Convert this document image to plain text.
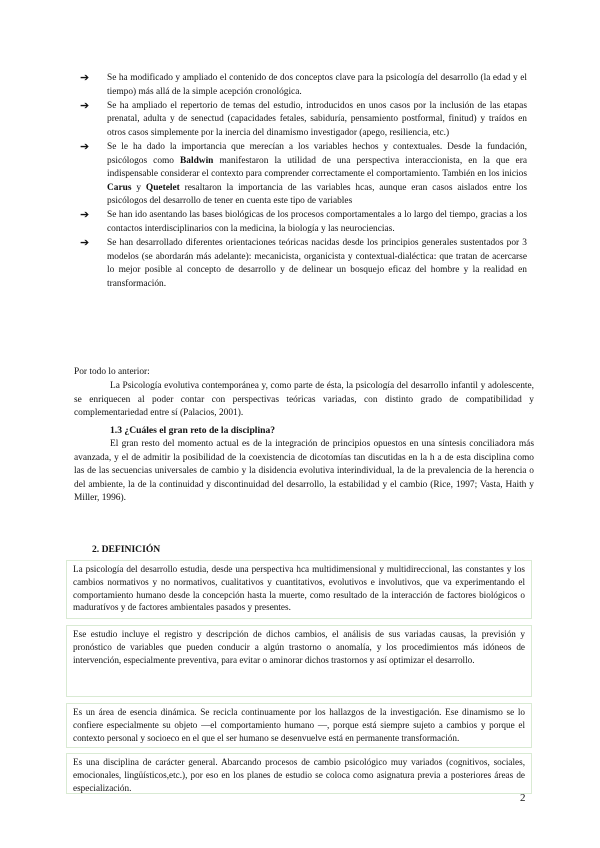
➔ Se ha modificado y ampliado el contenido de dos conceptos clave para la psicología del desarrollo (la edad y el tiempo) más allá de la simple acepción cronológica.
➔ Se ha ampliado el repertorio de temas del estudio, introducidos en unos casos por la inclusión de las etapas prenatal, adulta y de senectud (capacidades fetales, sabiduría, pensamiento postformal, finitud) y traídos en otros casos simplemente por la inercia del dinamismo investigador (apego, resiliencia, etc.)
➔ Se le ha dado la importancia que merecían a los variables hechos y contextuales. Desde la fundación, psicólogos como Baldwin manifestaron la utilidad de una perspectiva interaccionista, en la que era indispensable considerar el contexto para comprender correctamente el comportamiento. También en los inicios Carus y Quetelet resaltaron la importancia de las variables hcas, aunque eran casos aislados entre los psicólogos del desarrollo de tener en cuenta este tipo de variables
➔ Se han ido asentando las bases biológicas de los procesos comportamentales a lo largo del tiempo, gracias a los contactos interdisciplinarios con la medicina, la biología y las neurociencias.
➔ Se han desarrollado diferentes orientaciones teóricas nacidas desde los principios generales sustentados por 3 modelos (se abordarán más adelante): mecanicista, organicista y contextual-dialéctica: que tratan de acercarse lo mejor posible al concepto de desarrollo y de delinear un bosquejo eficaz del hombre y la realidad en transformación.
Por todo lo anterior:
La Psicología evolutiva contemporánea y, como parte de ésta, la psicología del desarrollo infantil y adolescente, se enriquecen al poder contar con perspectivas teóricas variadas, con distinto grado de compatibilidad y complementariedad entre sí (Palacios, 2001).
1.3 ¿Cuáles el gran reto de la disciplina?
El gran resto del momento actual es de la integración de principios opuestos en una síntesis conciliadora más avanzada, y el de admitir la posibilidad de la coexistencia de dicotomías tan discutidas en la h a de esta disciplina como las de las secuencias universales de cambio y la disidencia evolutiva interindividual, la de la prevalencia de la herencia o del ambiente, la de la continuidad y discontinuidad del desarrollo, la estabilidad y el cambio (Rice, 1997; Vasta, Haith y Miller, 1996).
2. DEFINICIÓN
La psicología del desarrollo estudia, desde una perspectiva hca multidimensional y multidireccional, las constantes y los cambios normativos y no normativos, cualitativos y cuantitativos, evolutivos e involutivos, que va experimentando el comportamiento humano desde la concepción hasta la muerte, como resultado de la interacción de factores biológicos o maduratívos y de factores ambientales pasados y presentes.
Ese estudio incluye el registro y descripción de dichos cambios, el análisis de sus variadas causas, la previsión y pronóstico de variables que pueden conducir a algún trastorno o anomalía, y los procedimientos más idóneos de intervención, especialmente preventiva, para evitar o aminorar dichos trastornos y así optimizar el desarrollo.
Es un área de esencia dinámica. Se recicla continuamente por los hallazgos de la investigación. Ese dinamismo se lo confiere especialmente su objeto —el comportamiento humano —, porque está siempre sujeto a cambios y porque el contexto personal y socioeco en el que el ser humano se desenvuelve está en permanente transformación.
Es una disciplina de carácter general. Abarcando procesos de cambio psicológico muy variados (cognitivos, sociales, emocionales, lingüísticos,etc.), por eso en los planes de estudio se coloca como asignatura previa a posteriores áreas de especialización.
2
